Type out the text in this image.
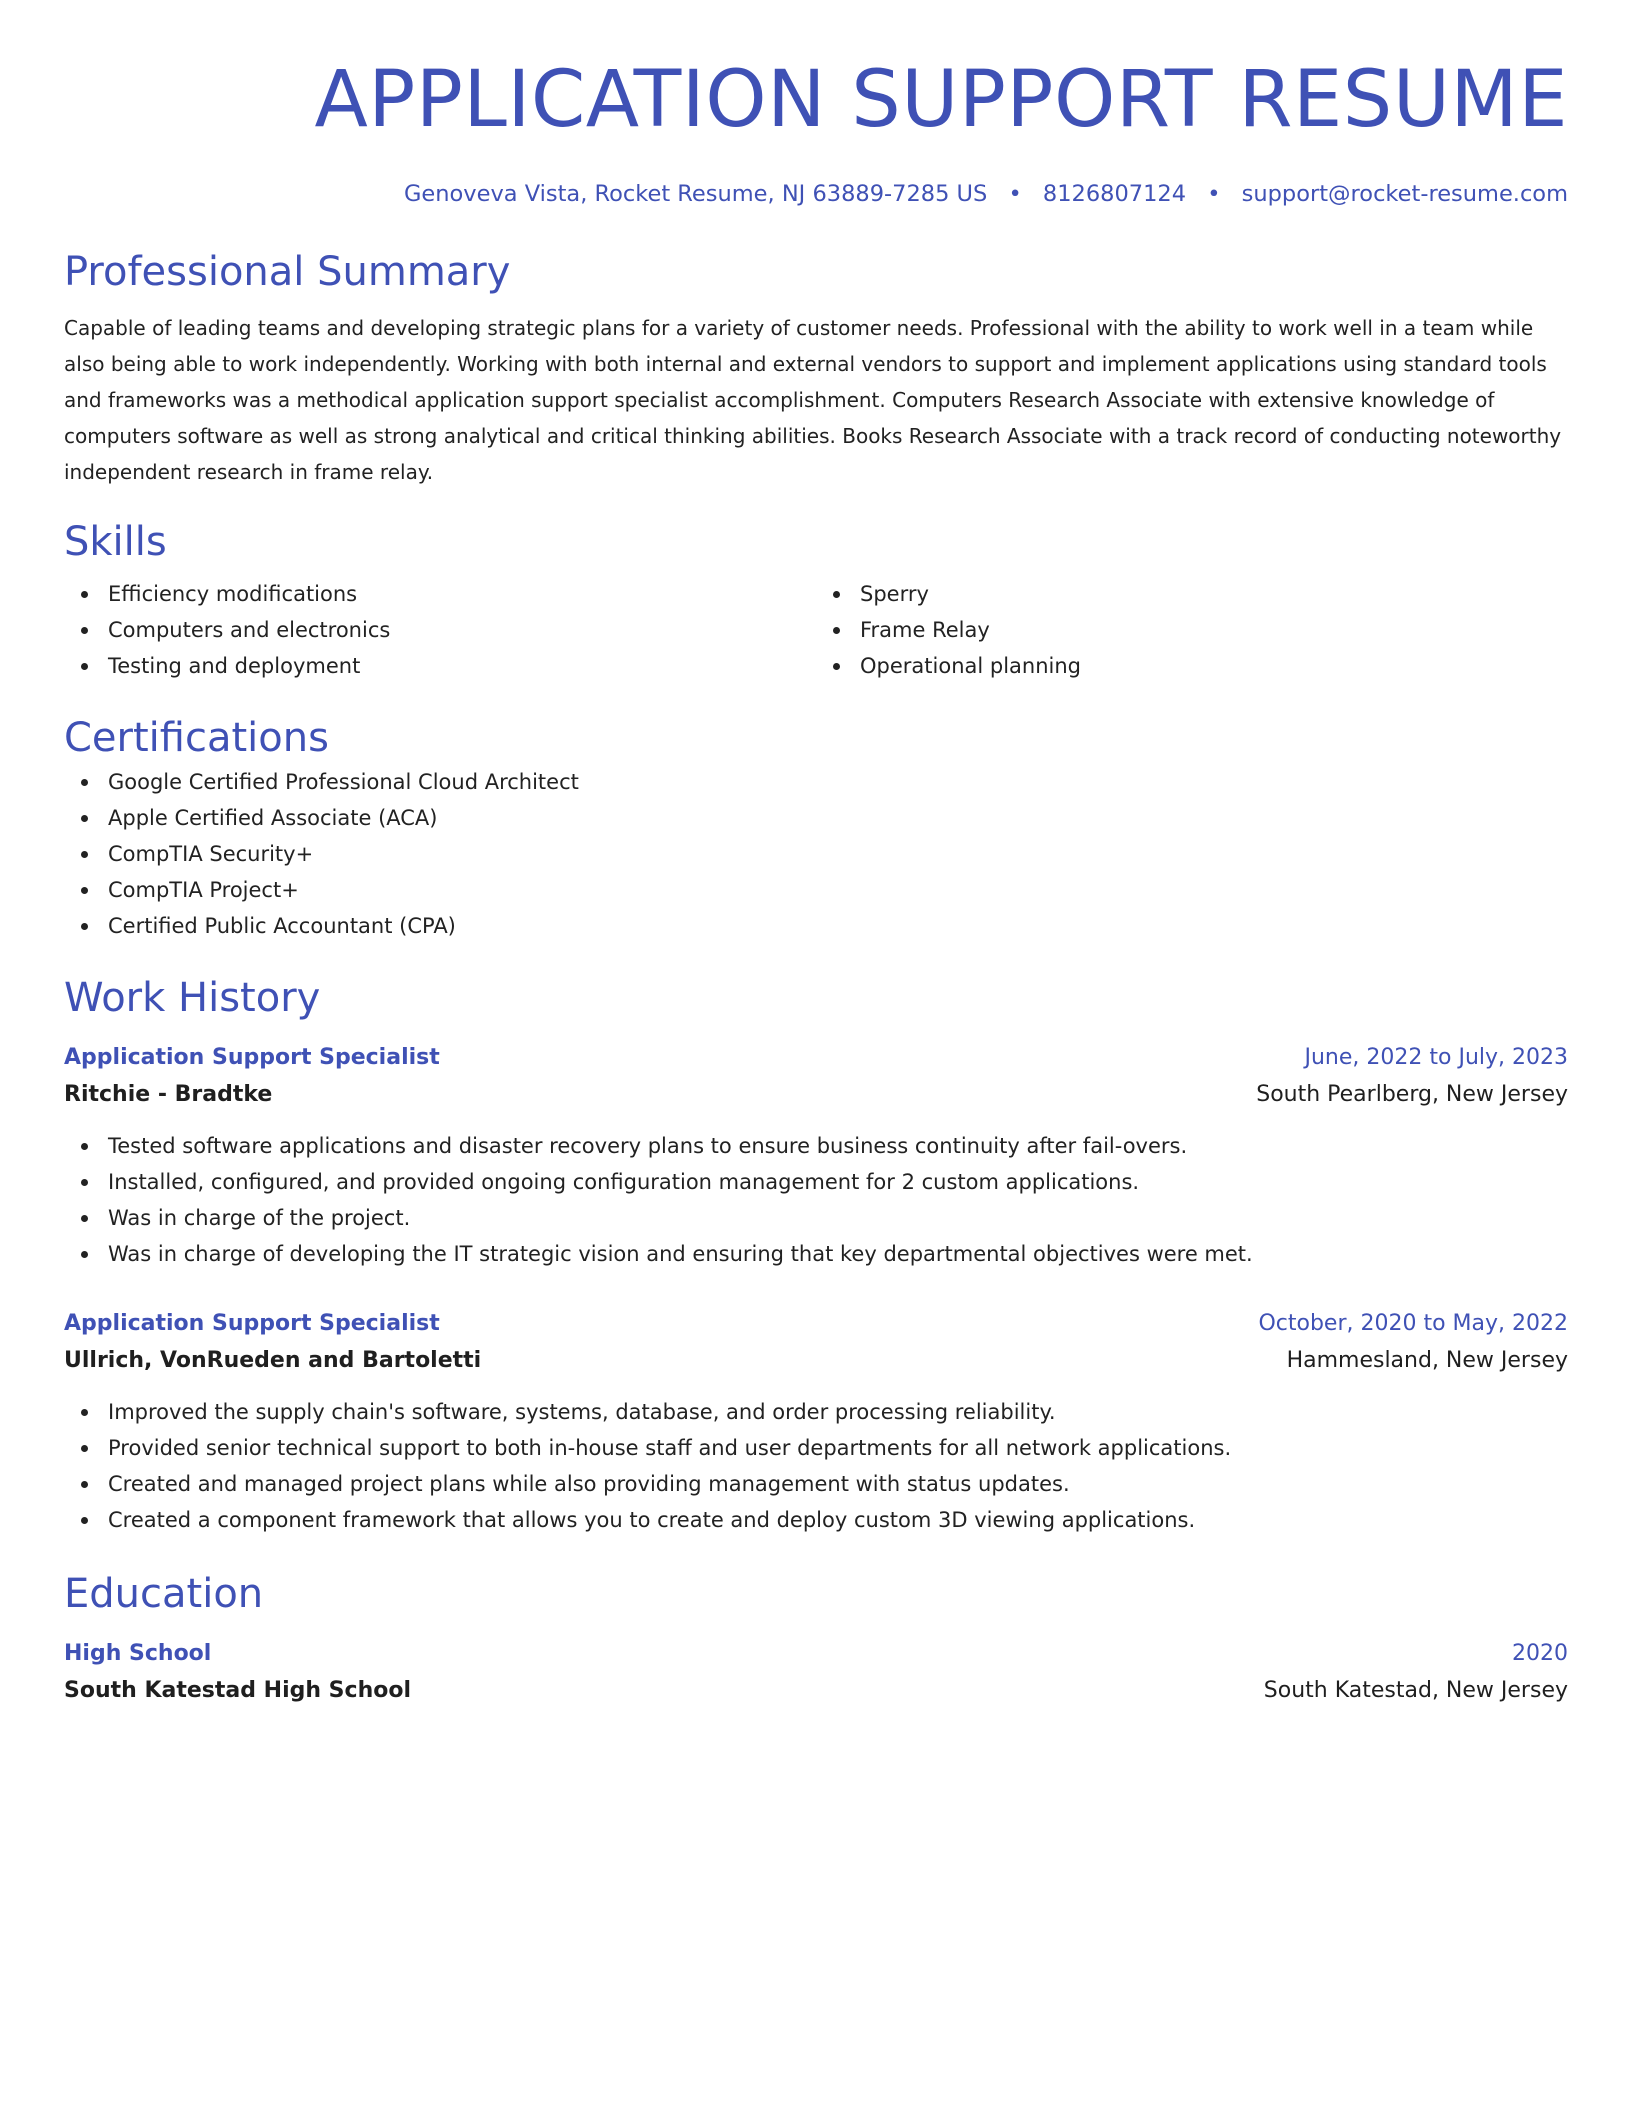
APPLICATION SUPPORT RESUME
Genoveva Vista, Rocket Resume, NJ 63889-7285 US • 8126807124 • support@rocket-resume.com
Professional Summary

Capable of leading teams and developing strategic plans for a variety of customer needs. Professional with the ability to work well in a team while also being able to work independently. Working with both internal and external vendors to support and implement applications using standard tools and frameworks was a methodical application support specialist accomplishment. Computers Research Associate with extensive knowledge of computers software as well as strong analytical and critical thinking abilities. Books Research Associate with a track record of conducting noteworthy independent research in frame relay.

Skills
Efficiency modifications
Computers and electronics
Testing and deployment
Sperry
Frame Relay
Operational planning
Certifications
Google Certified Professional Cloud Architect
Apple Certified Associate (ACA)
CompTIA Security+
CompTIA Project+
Certified Public Accountant (CPA)
Work History
Application Support Specialist	June, 2022 to July, 2023
Ritchie - Bradtke	South Pearlberg, New Jersey
Tested software applications and disaster recovery plans to ensure business continuity after fail-overs.
Installed, configured, and provided ongoing configuration management for 2 custom applications.
Was in charge of the project.
Was in charge of developing the IT strategic vision and ensuring that key departmental objectives were met.
Application Support Specialist	October, 2020 to May, 2022
Ullrich, VonRueden and Bartoletti	Hammesland, New Jersey
Improved the supply chain's software, systems, database, and order processing reliability.
Provided senior technical support to both in-house staff and user departments for all network applications.
Created and managed project plans while also providing management with status updates.
Created a component framework that allows you to create and deploy custom 3D viewing applications.
Education
High School	2020
South Katestad High School	South Katestad, New Jersey
